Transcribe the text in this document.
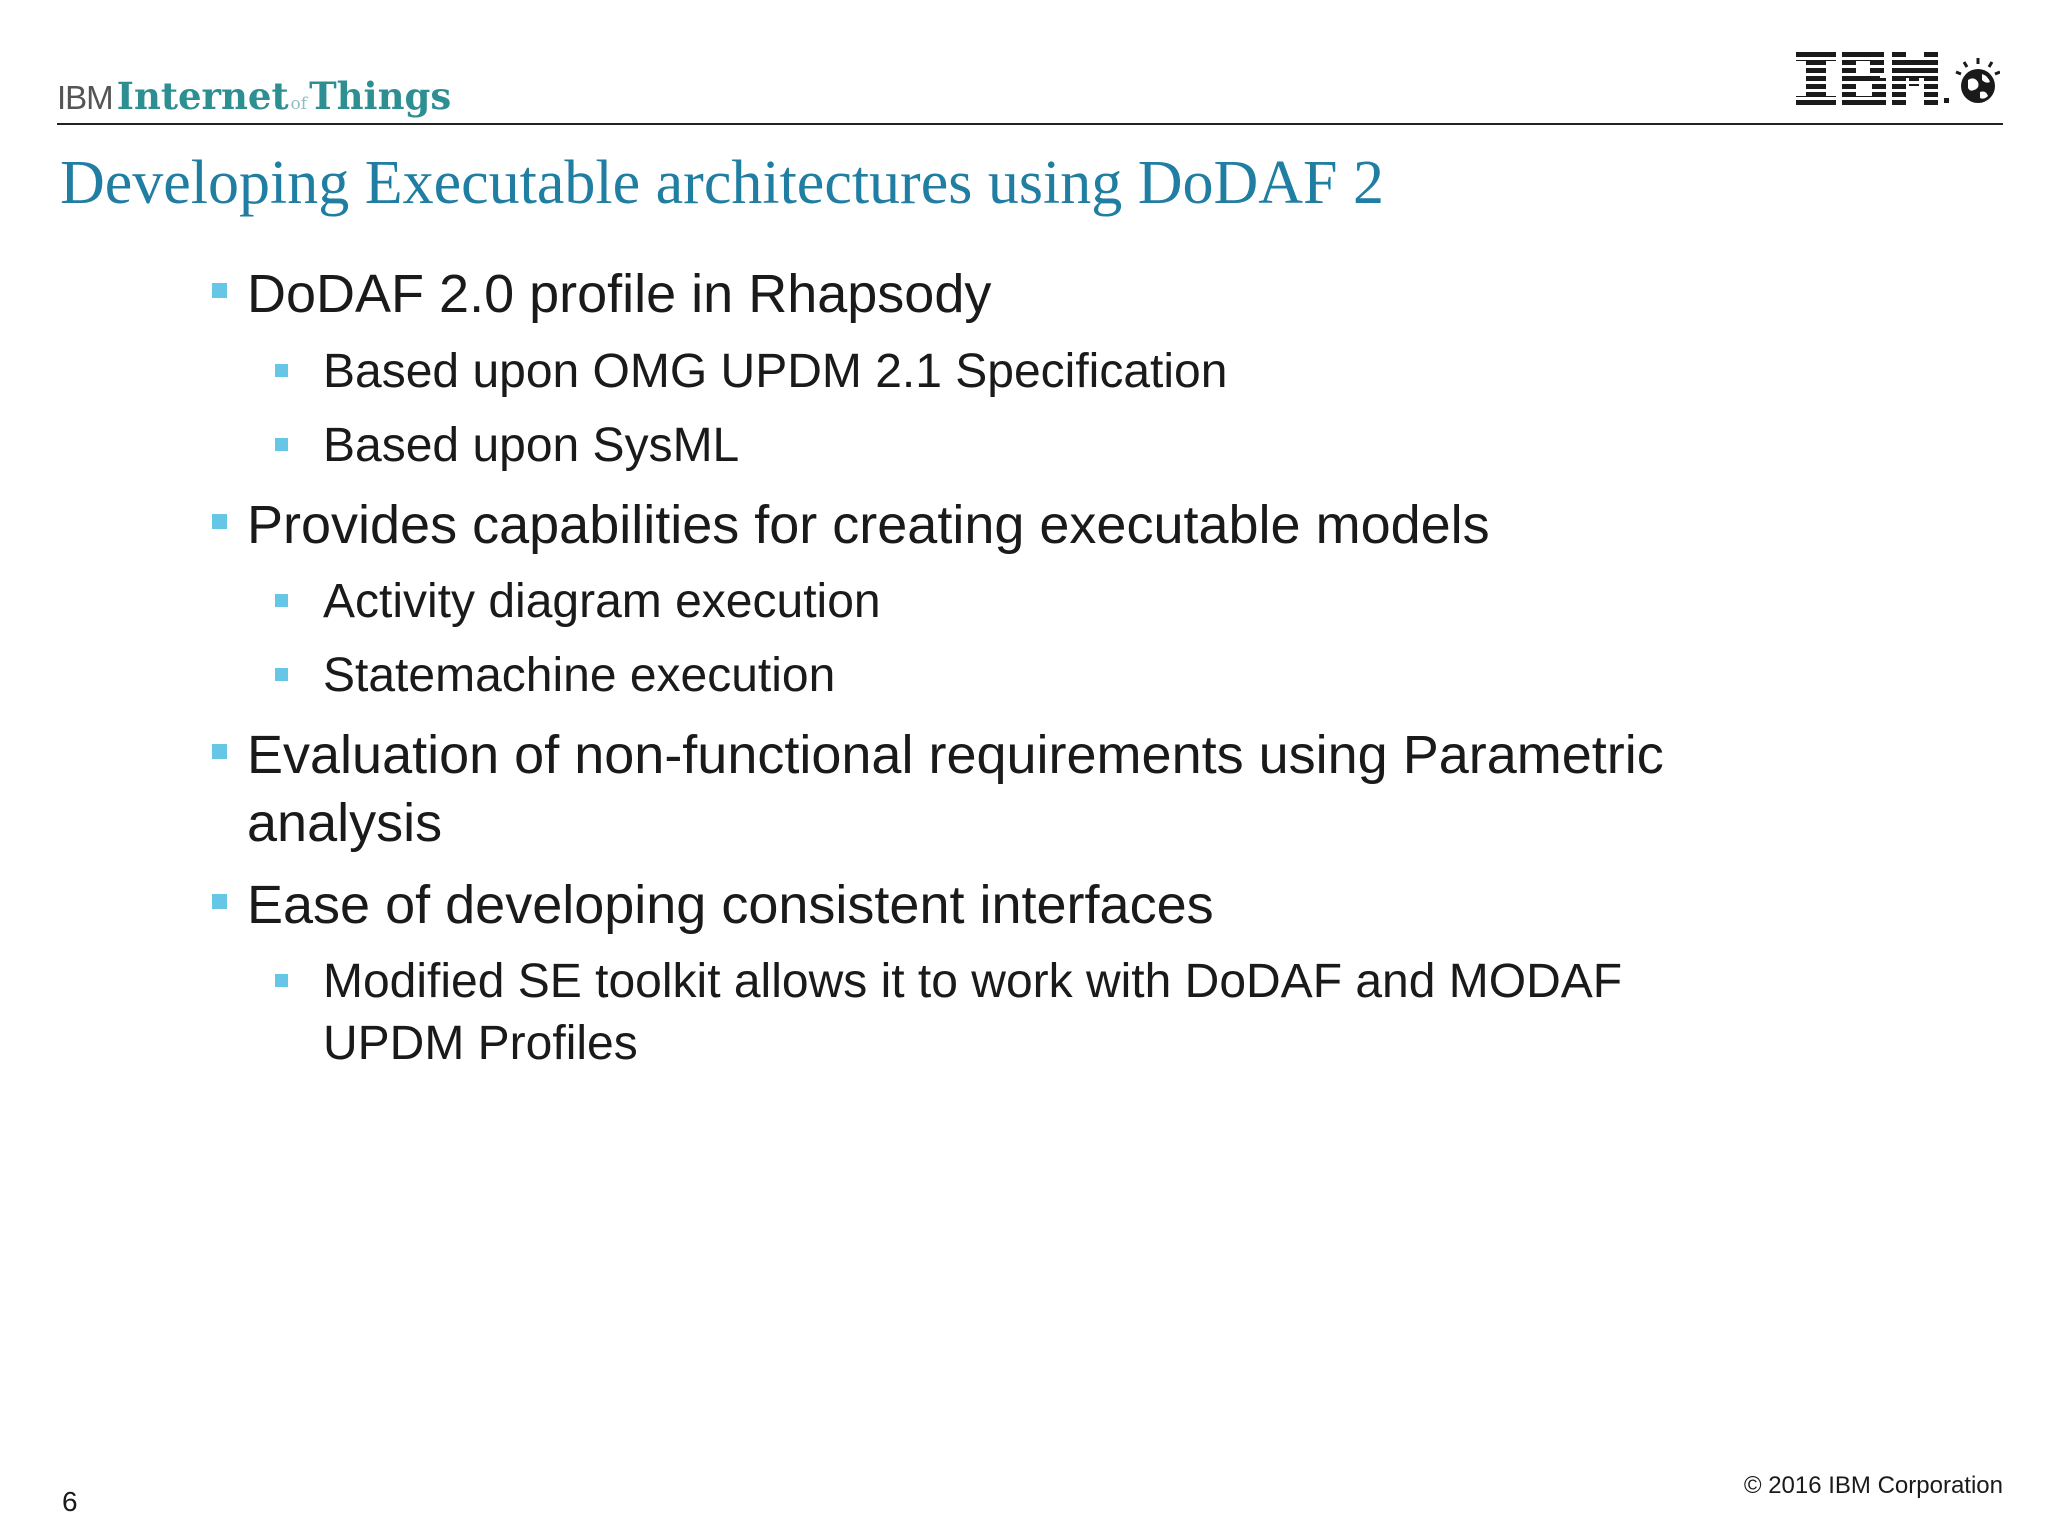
IBM Internet of Things
Developing Executable architectures using DoDAF 2
DoDAF 2.0 profile in Rhapsody
Based upon OMG UPDM 2.1 Specification
Based upon SysML
Provides capabilities for creating executable models
Activity diagram execution
Statemachine execution
Evaluation of non-functional requirements using Parametric
analysis
Ease of developing consistent interfaces
Modified SE toolkit allows it to work with DoDAF and MODAF
UPDM Profiles
6
© 2016 IBM Corporation
